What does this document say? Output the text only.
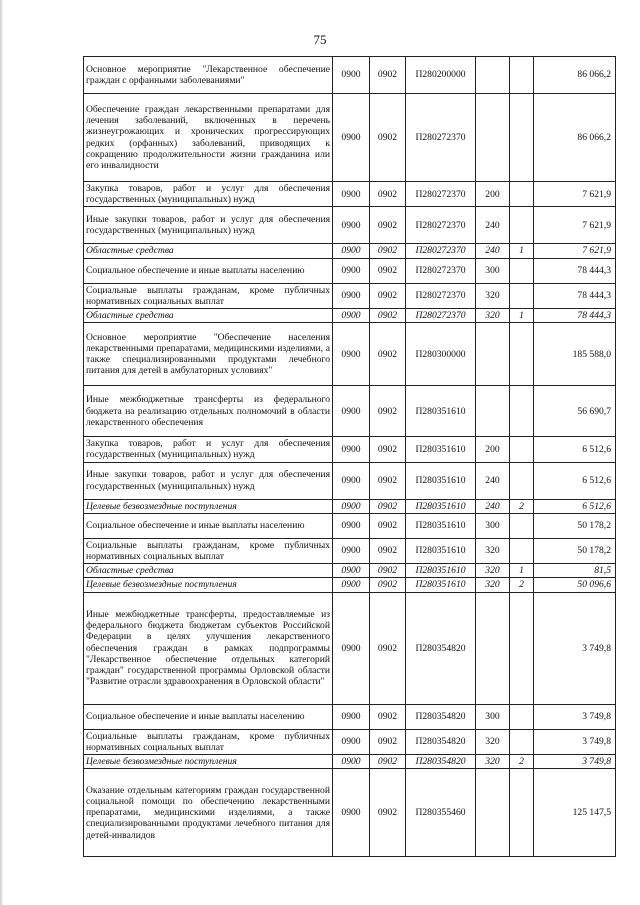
75
Основное мероприятие "Лекарственное обеспечение граждан с орфанными заболеваниями"	0900	0902	П280200000			86 066,2
Обеспечение граждан лекарственными препаратами для лечения заболеваний, включенных в перечень жизнеугрожающих и хронических прогрессирующих редких (орфанных) заболеваний, приводящих к сокращению продолжительности жизни гражданина или его инвалидности	0900	0902	П280272370			86 066,2
Закупка товаров, работ и услуг для обеспечения государственных (муниципальных) нужд	0900	0902	П280272370	200		7 621,9
Иные закупки товаров, работ и услуг для обеспечения государственных (муниципальных) нужд	0900	0902	П280272370	240		7 621,9
Областные средства	0900	0902	П280272370	240	1	7 621,9
Социальное обеспечение и иные выплаты населению	0900	0902	П280272370	300		78 444,3
Социальные выплаты гражданам, кроме публичных нормативных социальных выплат	0900	0902	П280272370	320		78 444,3
Областные средства	0900	0902	П280272370	320	1	78 444,3
Основное мероприятие "Обеспечение населения лекарственными препаратами, медицинскими изделиями, а также специализированными продуктами лечебного питания для детей в амбулаторных условиях"	0900	0902	П280300000			185 588,0
Иные межбюджетные трансферты из федерального бюджета на реализацию отдельных полномочий в области лекарственного обеспечения	0900	0902	П280351610			56 690,7
Закупка товаров, работ и услуг для обеспечения государственных (муниципальных) нужд	0900	0902	П280351610	200		6 512,6
Иные закупки товаров, работ и услуг для обеспечения государственных (муниципальных) нужд	0900	0902	П280351610	240		6 512,6
Целевые безвозмездные поступления	0900	0902	П280351610	240	2	6 512,6
Социальное обеспечение и иные выплаты населению	0900	0902	П280351610	300		50 178,2
Социальные выплаты гражданам, кроме публичных нормативных социальных выплат	0900	0902	П280351610	320		50 178,2
Областные средства	0900	0902	П280351610	320	1	81,5
Целевые безвозмездные поступления	0900	0902	П280351610	320	2	50 096,6
Иные межбюджетные трансферты, предоставляемые из федерального бюджета бюджетам субъектов Российской Федерации в целях улучшения лекарственного обеспечения граждан в рамках подпрограммы "Лекарственное обеспечение отдельных категорий граждан" государственной программы Орловской области "Развитие отрасли здравоохранения в Орловской области"	0900	0902	П280354820			3 749,8
Социальное обеспечение и иные выплаты населению	0900	0902	П280354820	300		3 749,8
Социальные выплаты гражданам, кроме публичных нормативных социальных выплат	0900	0902	П280354820	320		3 749,8
Целевые безвозмездные поступления	0900	0902	П280354820	320	2	3 749,8
Оказание отдельным категориям граждан государственной социальной помощи по обеспечению лекарственными препаратами, медицинскими изделиями, а также специализированными продуктами лечебного питания для детей-инвалидов	0900	0902	П280355460			125 147,5
